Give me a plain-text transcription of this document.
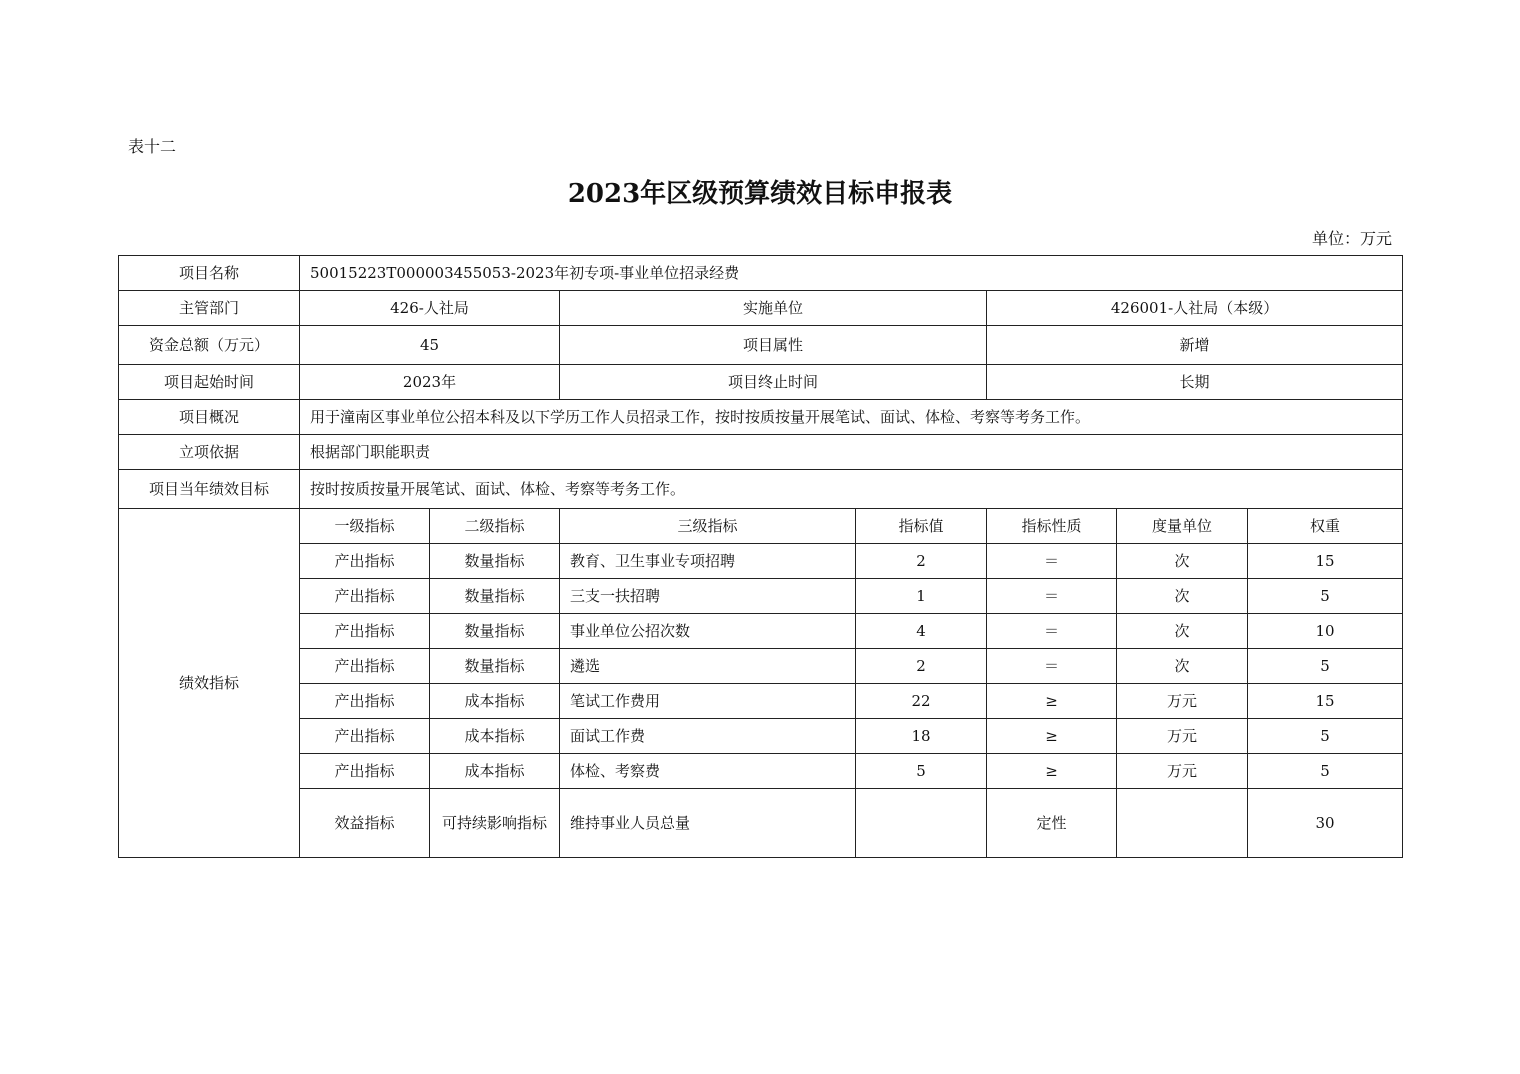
表十二
2023年区级预算绩效目标申报表
单位：万元
项目名称	50015223T000003455053-2023年初专项-事业单位招录经费						
主管部门	426-人社局		实施单位		426001-人社局（本级）		
资金总额（万元）	45		项目属性		新增		
项目起始时间	2023年		项目终止时间		长期		
项目概况	用于潼南区事业单位公招本科及以下学历工作人员招录工作，按时按质按量开展笔试、面试、体检、考察等考务工作。						
立项依据	根据部门职能职责						
项目当年绩效目标	按时按质按量开展笔试、面试、体检、考察等考务工作。						
绩效指标	一级指标	二级指标	三级指标	指标值	指标性质	度量单位	权重
	产出指标	数量指标	教育、卫生事业专项招聘	2	＝	次	15
	产出指标	数量指标	三支一扶招聘	1	＝	次	5
	产出指标	数量指标	事业单位公招次数	4	＝	次	10
	产出指标	数量指标	遴选	2	＝	次	5
	产出指标	成本指标	笔试工作费用	22	≥	万元	15
	产出指标	成本指标	面试工作费	18	≥	万元	5
	产出指标	成本指标	体检、考察费	5	≥	万元	5
	效益指标	可持续影响指标	维持事业人员总量		定性		30
